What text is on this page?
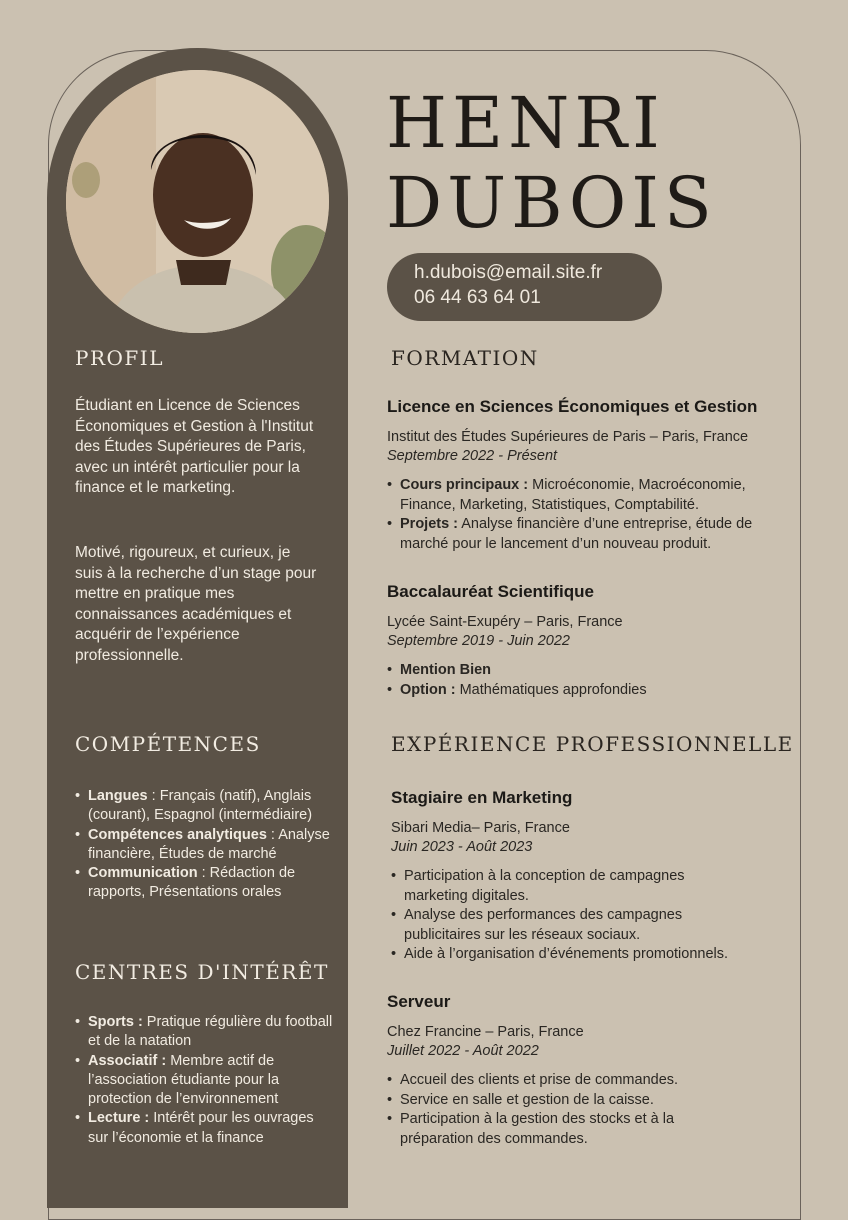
PROFIL
Étudiant en Licence de Sciences Économiques et Gestion à l'Institut des Études Supérieures de Paris, avec un intérêt particulier pour la finance et le marketing.
Motivé, rigoureux, et curieux, je suis à la recherche d’un stage pour mettre en pratique mes connaissances académiques et acquérir de l’expérience professionnelle.
COMPÉTENCES
• Langues : Français (natif), Anglais (courant), Espagnol (intermédiaire)
• Compétences analytiques : Analyse financière, Études de marché
• Communication : Rédaction de rapports, Présentations orales
CENTRES D'INTÉRÊT
• Sports : Pratique régulière du football et de la natation
• Associatif : Membre actif de l’association étudiante pour la protection de l’environnement
• Lecture : Intérêt pour les ouvrages sur l’économie et la finance
HENRI
DUBOIS
h.dubois@email.site.fr
06 44 63 64 01
FORMATION
Licence en Sciences Économiques et Gestion
Institut des Études Supérieures de Paris – Paris, France
Septembre 2022 - Présent
• Cours principaux : Microéconomie, Macroéconomie, Finance, Marketing, Statistiques, Comptabilité.
• Projets : Analyse financière d’une entreprise, étude de marché pour le lancement d’un nouveau produit.
Baccalauréat Scientifique
Lycée Saint-Exupéry – Paris, France
Septembre 2019 - Juin 2022
• Mention Bien
• Option : Mathématiques approfondies
EXPÉRIENCE PROFESSIONNELLE
Stagiaire en Marketing
Sibari Media– Paris, France
Juin 2023 - Août 2023
• Participation à la conception de campagnes marketing digitales.
• Analyse des performances des campagnes publicitaires sur les réseaux sociaux.
• Aide à l’organisation d’événements promotionnels.
Serveur
Chez Francine – Paris, France
Juillet 2022 - Août 2022
• Accueil des clients et prise de commandes.
• Service en salle et gestion de la caisse.
• Participation à la gestion des stocks et à la préparation des commandes.
